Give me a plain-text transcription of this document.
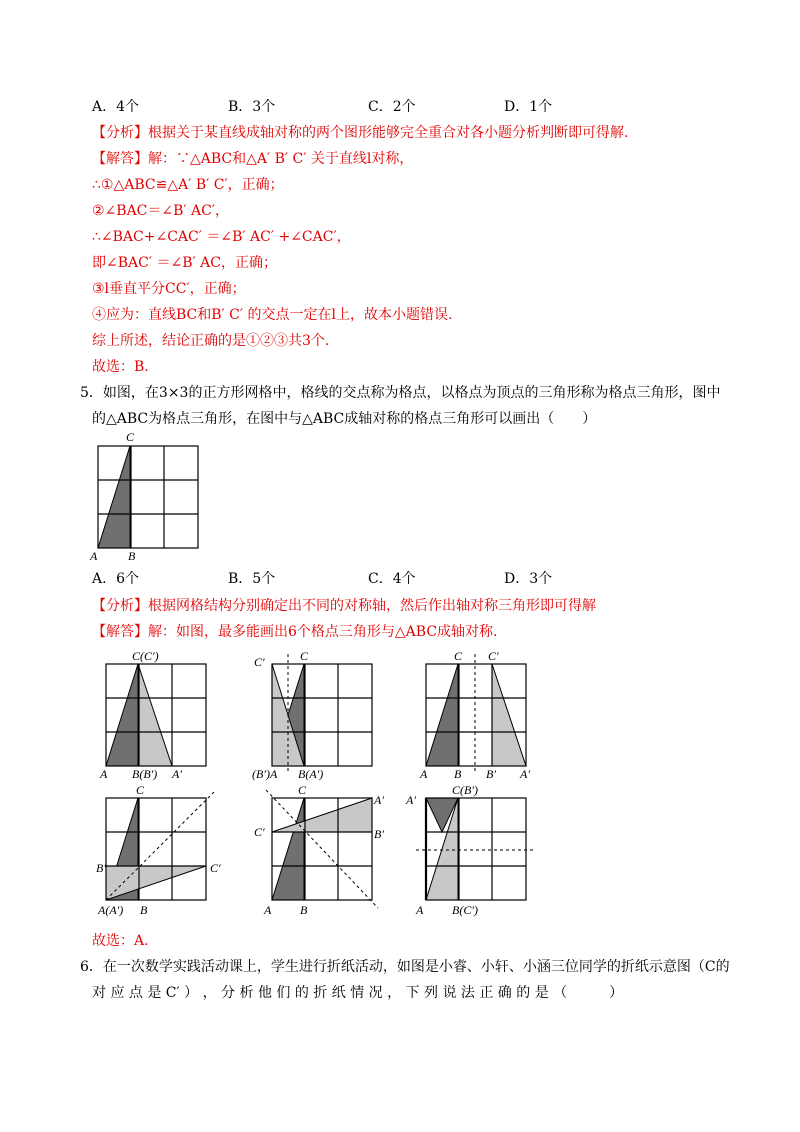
A．4个	B．3个	C．2个	D．1个
【分析】根据关于某直线成轴对称的两个图形能够完全重合对各小题分析判断即可得解.
【解答】解：∵△ABC和△A′ B′ C′ 关于直线l对称，
∴①△ABC≌△A′ B′ C′，正确；
②∠BAC＝∠B′ AC′，
∴∠BAC+∠CAC′ ＝∠B′ AC′ +∠CAC′，
即∠BAC′ ＝∠B′ AC，正确；
③l垂直平分CC′，正确；
④应为：直线BC和B′ C′ 的交点一定在l上，故本小题错误.
综上所述，结论正确的是①②③共3个.
故选：B.
5．如图，在3×3的正方形网格中，格线的交点称为格点，以格点为顶点的三角形称为格点三角形，图中
的△ABC为格点三角形，在图中与△ABC成轴对称的格点三角形可以画出（　　）
C
A	B
A．6个	B．5个	C．4个	D．3个
【分析】根据网格结构分别确定出不同的对称轴，然后作出轴对称三角形即可得解
【解答】解：如图，最多能画出6个格点三角形与△ABC成轴对称.
C(C′)
A B(B′) A′
C′	C
(B′)A B(A′)
C C′
A B B′ A′
C
B′	C′
A(A′) B
C
A′
C′	B′
A B
A′
C(B′)
A B(C′)
故选：A.
6．在一次数学实践活动课上，学生进行折纸活动，如图是小睿、小轩、小涵三位同学的折纸示意图（C的
对 应 点 是 C′ ） ， 分 析 他 们 的 折 纸 情 况 ， 下 列 说 法 正 确 的 是 （　　　）
